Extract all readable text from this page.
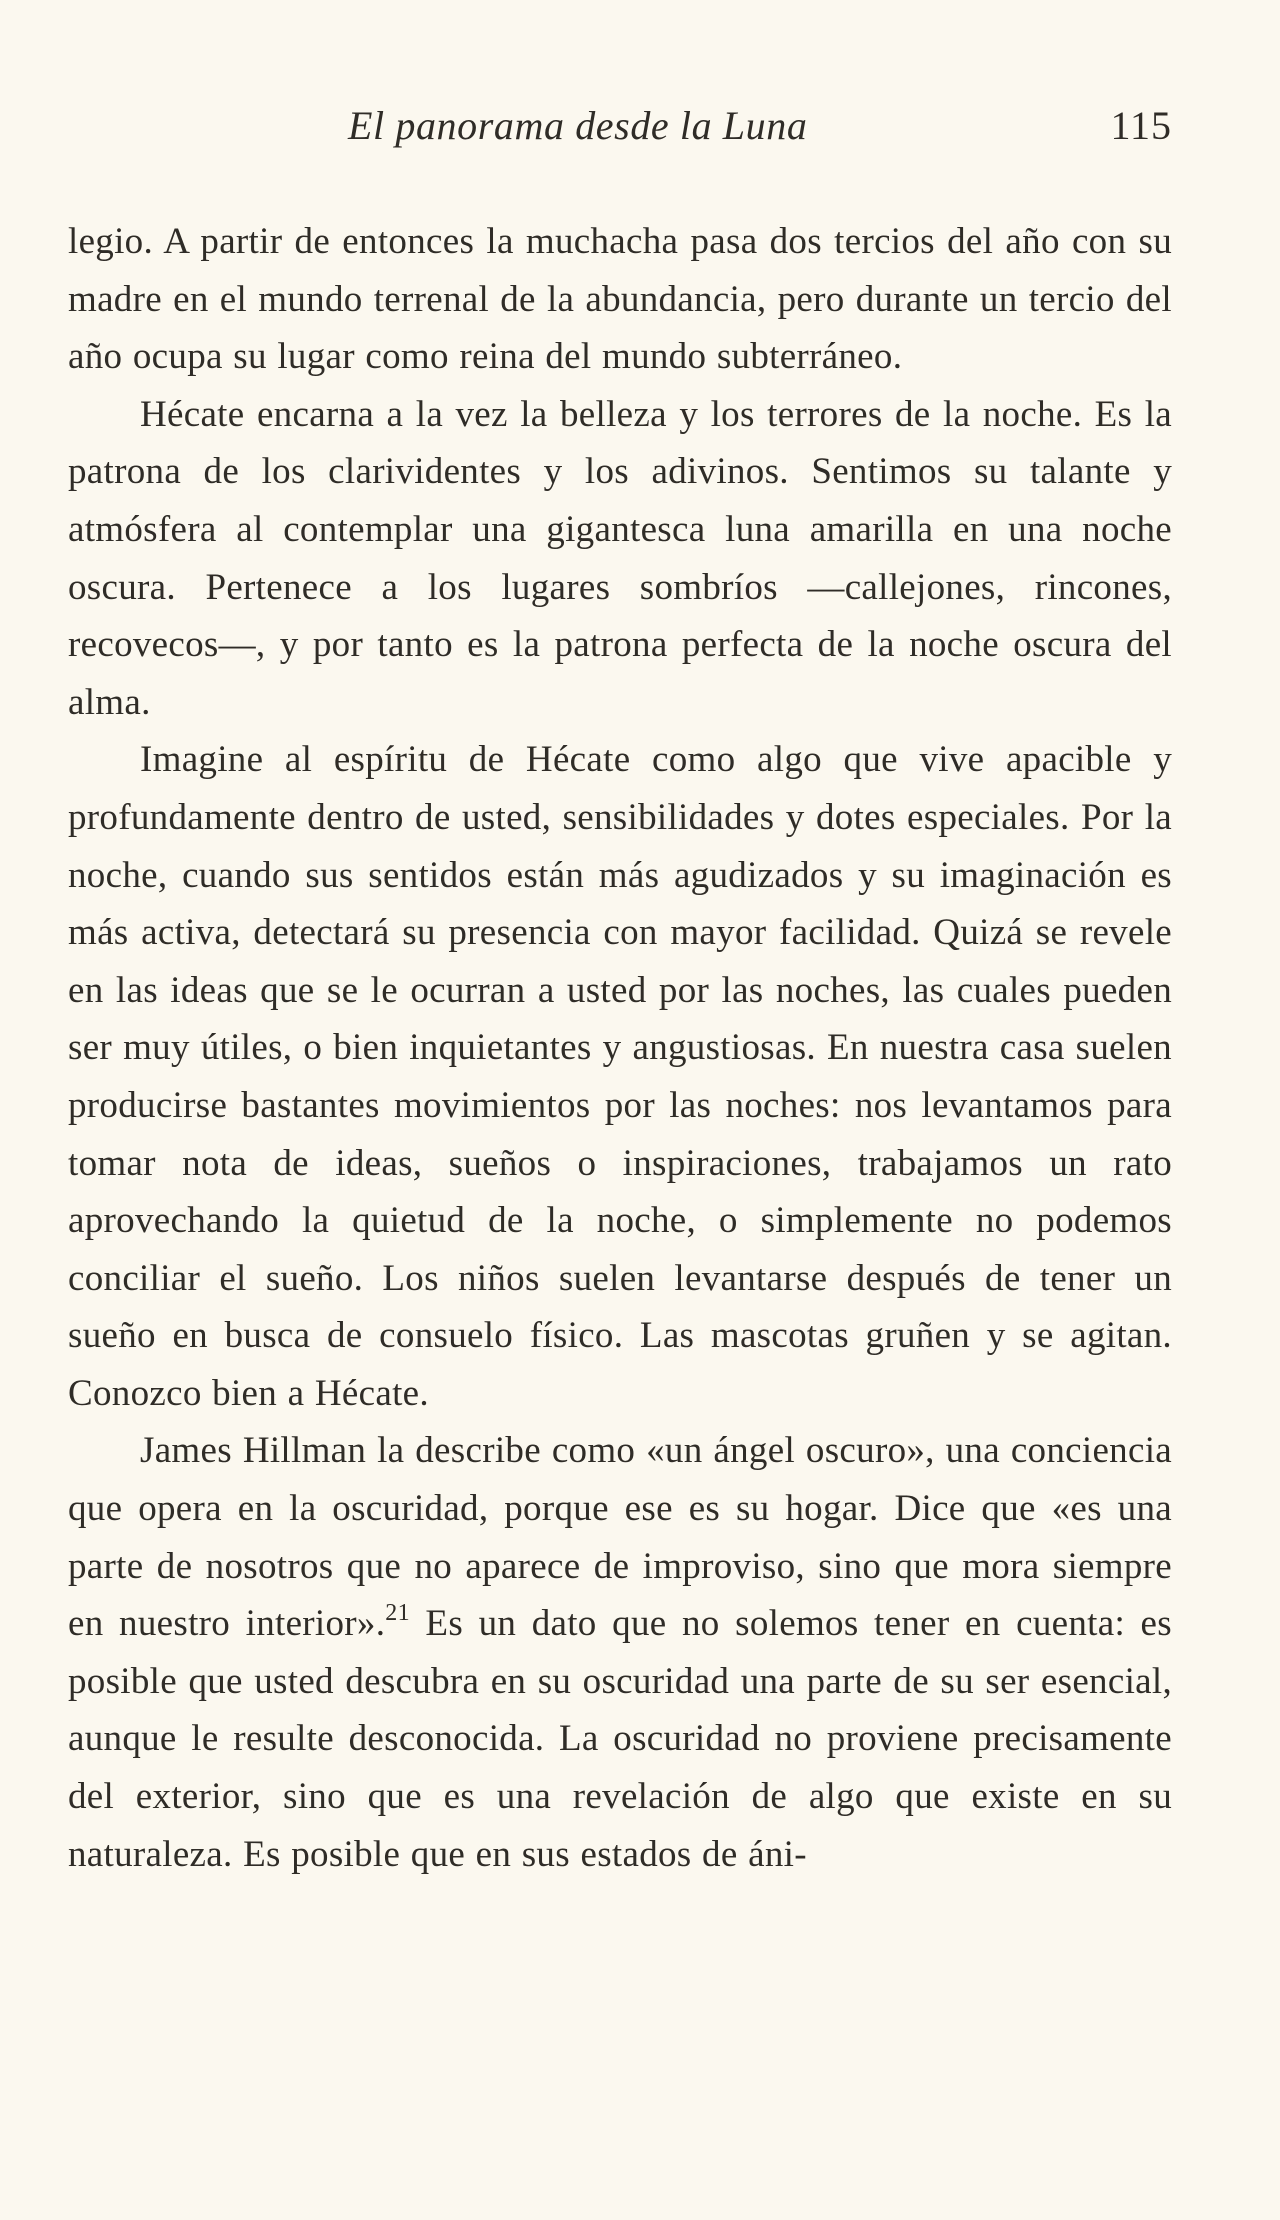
El panorama desde la Luna	115

legio. A partir de entonces la muchacha pasa dos tercios del año con su madre en el mundo terrenal de la abundancia, pero durante un tercio del año ocupa su lugar como reina del mundo subterráneo.

Hécate encarna a la vez la belleza y los terrores de la noche. Es la patrona de los clarividentes y los adivinos. Sentimos su talante y atmósfera al contemplar una gigantesca luna amarilla en una noche oscura. Pertenece a los lugares sombríos —callejones, rincones, recovecos—, y por tanto es la patrona perfecta de la noche oscura del alma.

Imagine al espíritu de Hécate como algo que vive apacible y profundamente dentro de usted, sensibilidades y dotes especiales. Por la noche, cuando sus sentidos están más agudizados y su imaginación es más activa, detectará su presencia con mayor facilidad. Quizá se revele en las ideas que se le ocurran a usted por las noches, las cuales pueden ser muy útiles, o bien inquietantes y angustiosas. En nuestra casa suelen producirse bastantes movimientos por las noches: nos levantamos para tomar nota de ideas, sueños o inspiraciones, trabajamos un rato aprovechando la quietud de la noche, o simplemente no podemos conciliar el sueño. Los niños suelen levantarse después de tener un sueño en busca de consuelo físico. Las mascotas gruñen y se agitan. Conozco bien a Hécate.

James Hillman la describe como «un ángel oscuro», una conciencia que opera en la oscuridad, porque ese es su hogar. Dice que «es una parte de nosotros que no aparece de improviso, sino que mora siempre en nuestro interior».$^{21}$ Es un dato que no solemos tener en cuenta: es posible que usted descubra en su oscuridad una parte de su ser esencial, aunque le resulte desconocida. La oscuridad no proviene precisamente del exterior, sino que es una revelación de algo que existe en su naturaleza. Es posible que en sus estados de áni-
